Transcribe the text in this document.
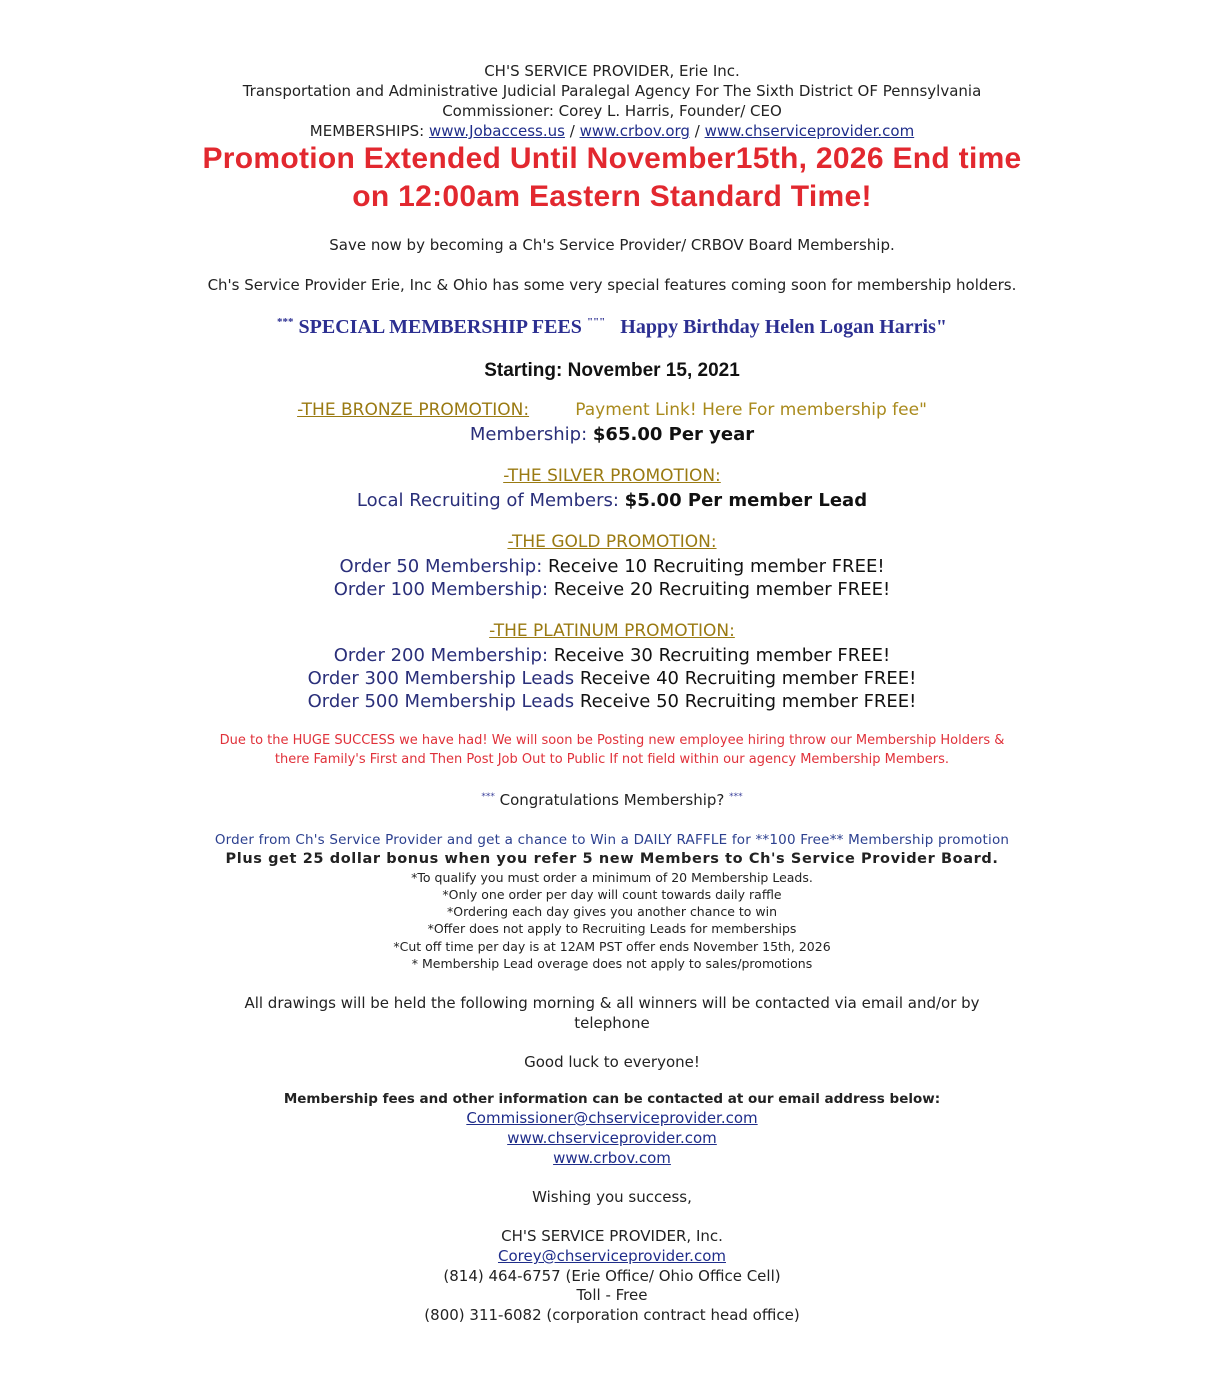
CH'S SERVICE PROVIDER, Erie Inc.
Transportation and Administrative Judicial Paralegal Agency For The Sixth District OF Pennsylvania
Commissioner: Corey L. Harris, Founder/ CEO
MEMBERSHIPS: www.Jobaccess.us / www.crbov.org / www.chserviceprovider.com
Promotion Extended Until November15th, 2026 End time
on 12:00am Eastern Standard Time!
Save now by becoming a Ch's Service Provider/ CRBOV Board Membership.
Ch's Service Provider Erie, Inc & Ohio has some very special features coming soon for membership holders.
*** SPECIAL MEMBERSHIP FEES """ Happy Birthday Helen Logan Harris"
Starting: November 15, 2021
-THE BRONZE PROMOTION:	Payment Link! Here For membership fee"
Membership: $65.00 Per year
-THE SILVER PROMOTION:
Local Recruiting of Members: $5.00 Per member Lead
-THE GOLD PROMOTION:
Order 50 Membership: Receive 10 Recruiting member FREE!
Order 100 Membership: Receive 20 Recruiting member FREE!
-THE PLATINUM PROMOTION:
Order 200 Membership: Receive 30 Recruiting member FREE!
Order 300 Membership Leads Receive 40 Recruiting member FREE!
Order 500 Membership Leads Receive 50 Recruiting member FREE!
Due to the HUGE SUCCESS we have had! We will soon be Posting new employee hiring throw our Membership Holders &
there Family's First and Then Post Job Out to Public If not field within our agency Membership Members.
*** Congratulations Membership? ***
Order from Ch's Service Provider and get a chance to Win a DAILY RAFFLE for **100 Free** Membership promotion
Plus get 25 dollar bonus when you refer 5 new Members to Ch's Service Provider Board.
*To qualify you must order a minimum of 20 Membership Leads.
*Only one order per day will count towards daily raffle
*Ordering each day gives you another chance to win
*Offer does not apply to Recruiting Leads for memberships
*Cut off time per day is at 12AM PST offer ends November 15th, 2026
* Membership Lead overage does not apply to sales/promotions
All drawings will be held the following morning & all winners will be contacted via email and/or by
telephone
Good luck to everyone!
Membership fees and other information can be contacted at our email address below:
Commissioner@chserviceprovider.com
www.chserviceprovider.com
www.crbov.com
Wishing you success,
CH'S SERVICE PROVIDER, Inc.
Corey@chserviceprovider.com
(814) 464-6757 (Erie Office/ Ohio Office Cell)
Toll - Free
(800) 311-6082 (corporation contract head office)
